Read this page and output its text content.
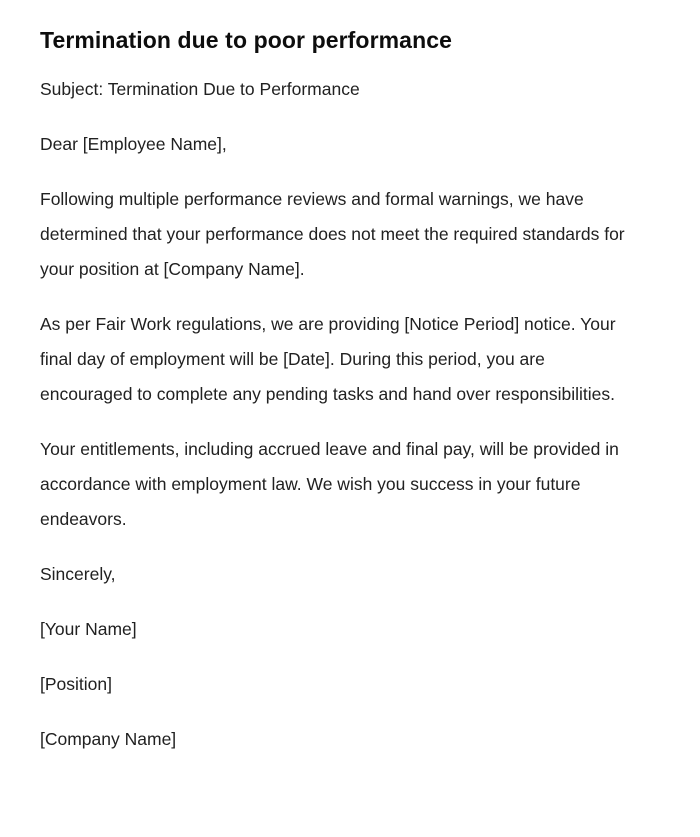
Termination due to poor performance

Subject: Termination Due to Performance

Dear [Employee Name],

Following multiple performance reviews and formal warnings, we have determined that your performance does not meet the required standards for your position at [Company Name].

As per Fair Work regulations, we are providing [Notice Period] notice. Your final day of employment will be [Date]. During this period, you are encouraged to complete any pending tasks and hand over responsibilities.

Your entitlements, including accrued leave and final pay, will be provided in accordance with employment law. We wish you success in your future endeavors.

Sincerely,

[Your Name]

[Position]

[Company Name]
